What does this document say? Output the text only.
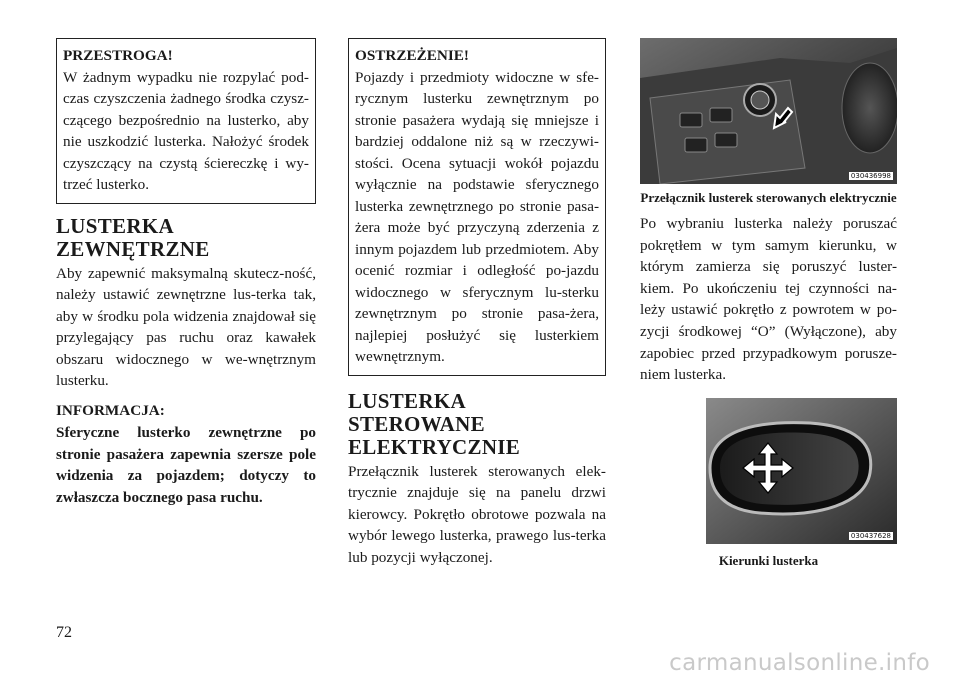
PRZESTROGA!
W żadnym wypadku nie rozpylać pod-czas czyszczenia żadnego środka czysz-czącego bezpośrednio na lusterko, aby nie uszkodzić lusterka. Nałożyć środek czyszczący na czystą ściereczkę i wy-trzeć lusterko.
LUSTERKA ZEWNĘTRZNE

Aby zapewnić maksymalną skutecz-ność, należy ustawić zewnętrzne lus-terka tak, aby w środku pola widzenia znajdował się przylegający pas ruchu oraz kawałek obszaru widocznego w we-wnętrznym lusterku.

INFORMACJA:

Sferyczne lusterko zewnętrzne po stronie pasażera zapewnia szersze pole widzenia za pojazdem; dotyczy to zwłaszcza bocznego pasa ruchu.

OSTRZEŻENIE!
Pojazdy i przedmioty widoczne w sfe-rycznym lusterku zewnętrznym po stronie pasażera wydają się mniejsze i bardziej oddalone niż są w rzeczywi-stości. Ocena sytuacji wokół pojazdu wyłącznie na podstawie sferycznego lusterka zewnętrznego po stronie pasa-żera może być przyczyną zderzenia z innym pojazdem lub przedmiotem. Aby ocenić rozmiar i odległość po-jazdu widocznego w sferycznym lu-sterku zewnętrznym po stronie pasa-żera, najlepiej posłużyć się lusterkiem wewnętrznym.
LUSTERKA STEROWANE ELEKTRYCZNIE

Przełącznik lusterek sterowanych elek-trycznie znajduje się na panelu drzwi kierowcy. Pokrętło obrotowe pozwala na wybór lewego lusterka, prawego lus-terka lub pozycji wyłączonej.

030436998
Przełącznik lusterek sterowanych elektrycznie

Po wybraniu lusterka należy poruszać pokrętłem w tym samym kierunku, w którym zamierza się poruszyć luster-kiem. Po ukończeniu tej czynności na-leży ustawić pokrętło z powrotem w po-zycji środkowej “O” (Wyłączone), aby zapobiec przed przypadkowym porusze-niem lusterka.

030437628
Kierunki lusterka
72
carmanualsonline.info
